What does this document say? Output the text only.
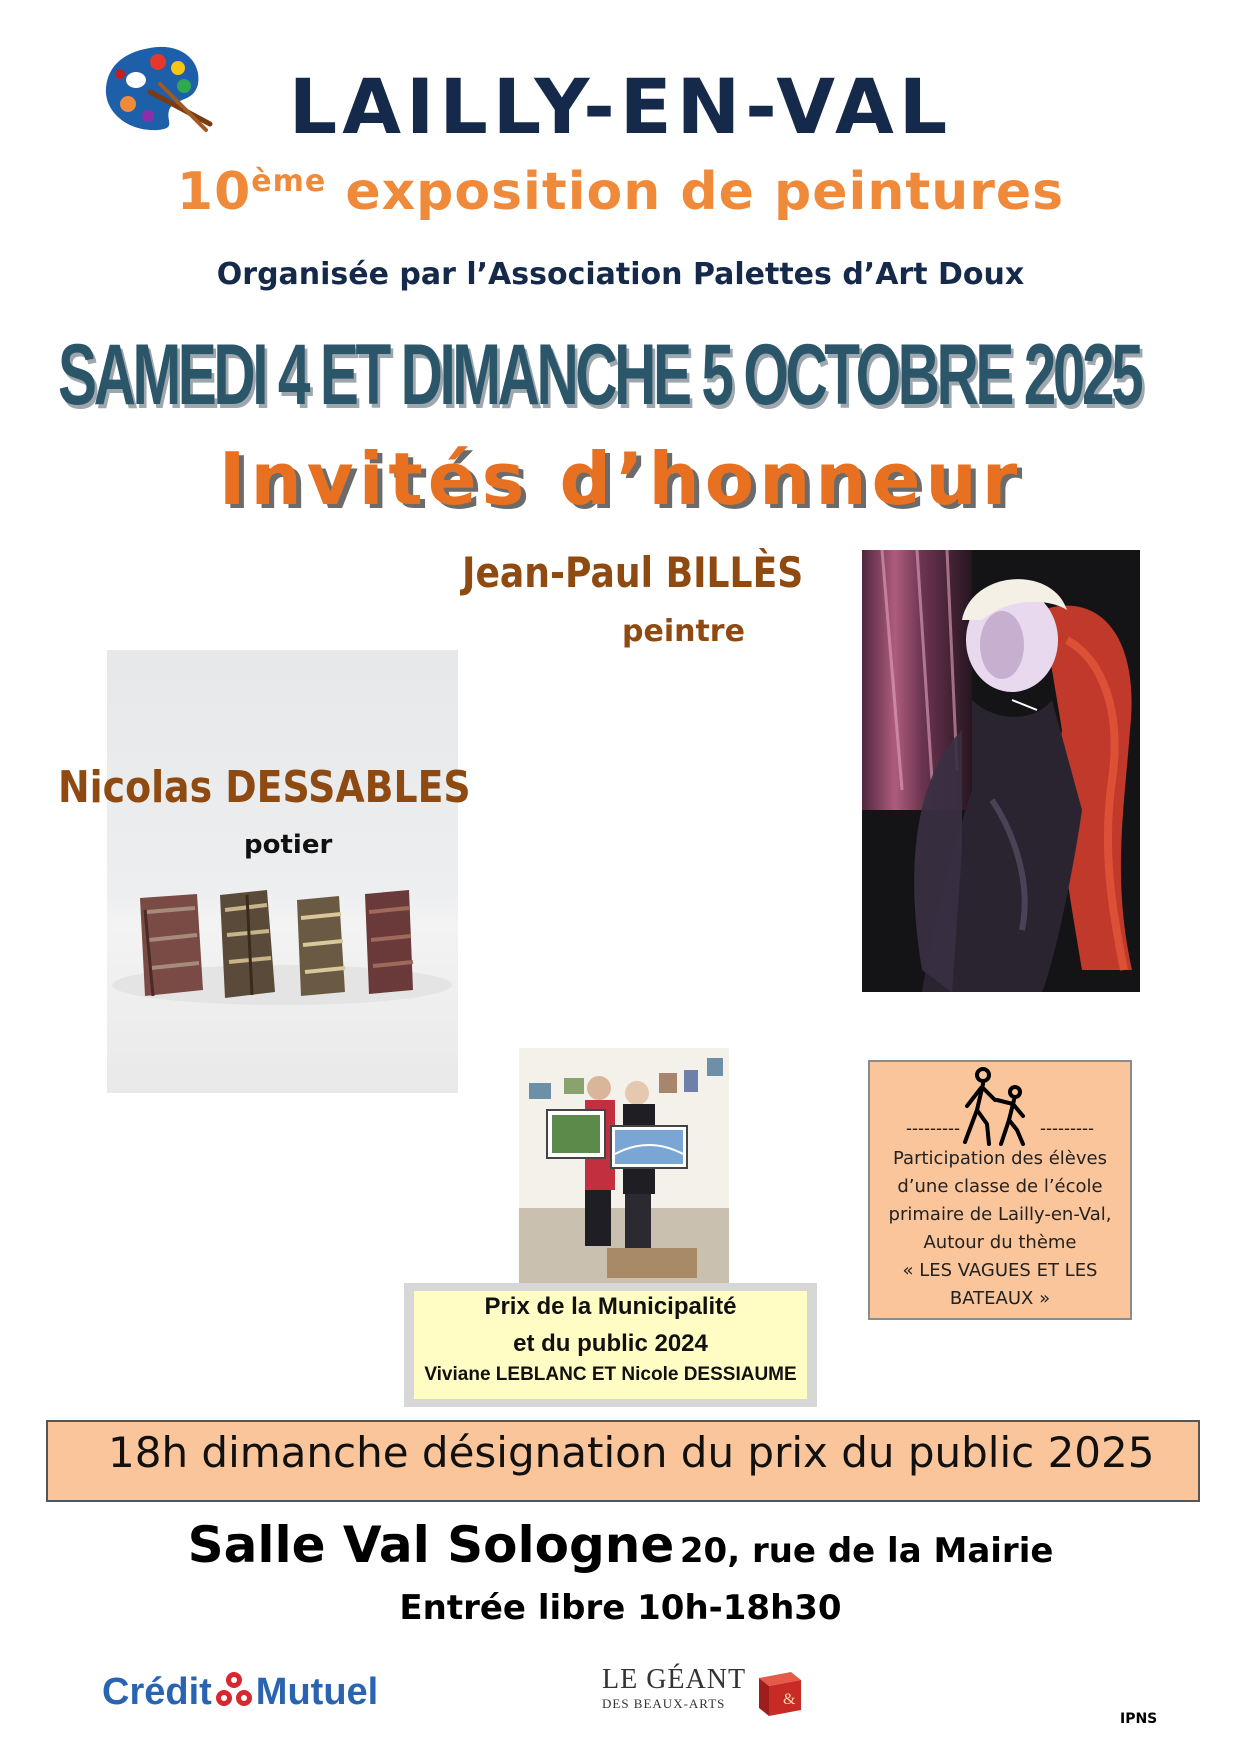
LAILLY-EN-VAL
10ème exposition de peintures
Organisée par l’Association Palettes d’Art Doux
SAMEDI 4 ET DIMANCHE 5 OCTOBRE 2025
Invités d’honneur
Jean-Paul BILLÈS
peintre
Nicolas DESSABLES
potier
Prix de la Municipalité
et du public 2024
Viviane LEBLANC ET Nicole DESSIAUME
---------                ---------
Participation des élèves
d’une classe de l’école
primaire de Lailly-en-Val,
Autour du thème
« LES VAGUES ET LES
BATEAUX »
18h dimanche désignation du prix du public 2025
Salle Val Sologne 20, rue de la Mairie
Entrée libre 10h-18h30
Crédit Mutuel	LE GÉANT
DES BEAUX-ARTS	&
IPNS
